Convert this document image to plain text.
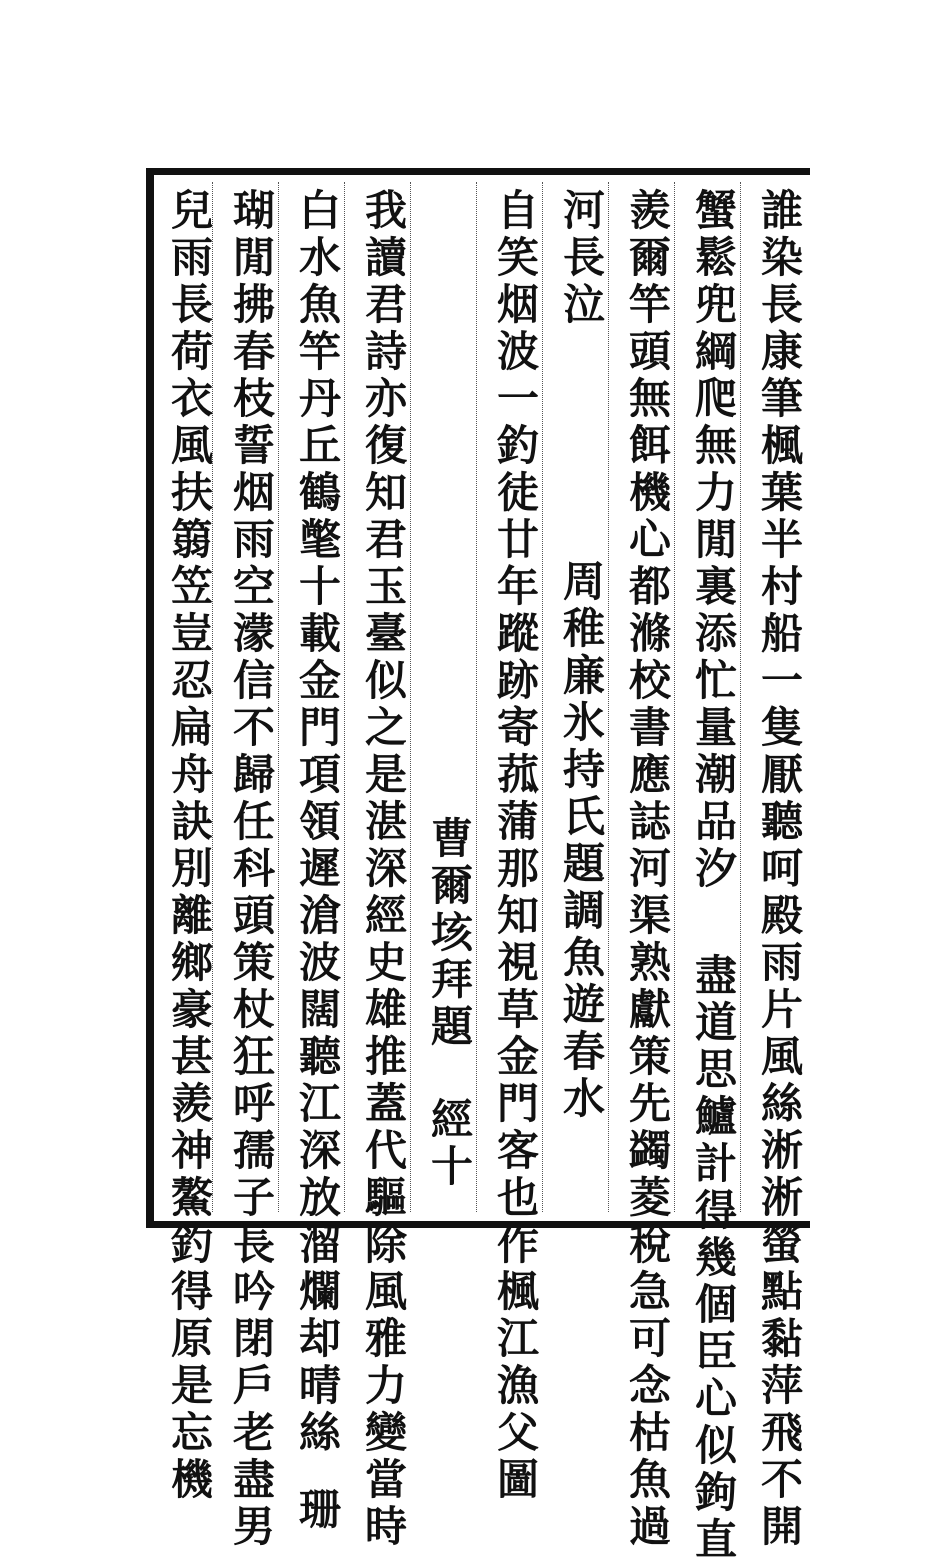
誰染長康筆楓葉半村船一隻厭聽呵殿雨片風絲淅淅螢點黏萍飛不開
蟹鬆兜綱爬無力閒裏添忙量潮品汐盡道思鱸計得幾個臣心似鉤直
羨爾竿頭無餌機心都滌校書應誌河渠熟獻策先蠲菱稅急可念枯魚過
河長泣周稚廉氷持氏題調魚遊春水
自笑烟波一釣徒廿年蹤跡寄菰蒲那知視草金門客也作楓江漁父圖
曹爾垓拜題經十
我讀君詩亦復知君玉臺似之是湛深經史雄推蓋代驅除風雅力變當時
白水魚竿丹丘鶴氅十載金門項領遲滄波闊聽江深放溜爛却晴絲珊
瑚閒拂春枝誓烟雨空濛信不歸任科頭策杖狂呼孺子長吟閉戶老盡男
兒雨長荷衣風扶篛笠豈忍扁舟訣別離鄉豪甚羨神鰲釣得原是忘機
